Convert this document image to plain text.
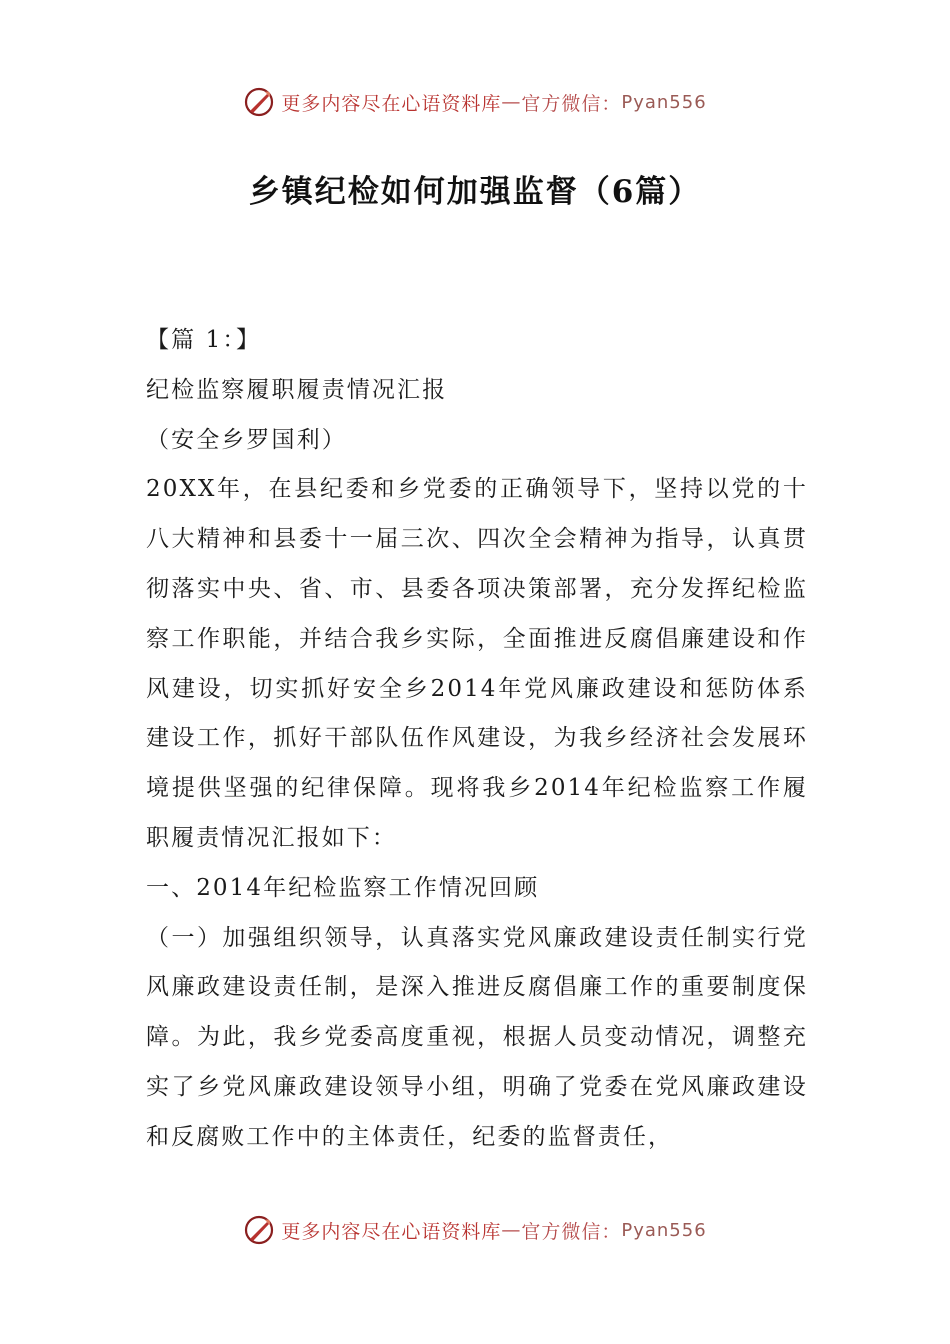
更多内容尽在心语资料库 — 官方微信： Pyan556
乡镇纪检如何加强监督（6篇）

【篇 1：】

纪检监察履职履责情况汇报

（安全乡罗国利）

20XX年，在县纪委和乡党委的正确领导下，坚持以党的十八大精神和县委十一届三次、四次全会精神为指导，认真贯彻落实中央、省、市、县委各项决策部署，充分发挥纪检监察工作职能，并结合我乡实际，全面推进反腐倡廉建设和作风建设，切实抓好安全乡2014年党风廉政建设和惩防体系建设工作，抓好干部队伍作风建设，为我乡经济社会发展环境提供坚强的纪律保障。现将我乡2014年纪检监察工作履职履责情况汇报如下：

一、2014年纪检监察工作情况回顾

（一）加强组织领导，认真落实党风廉政建设责任制实行党风廉政建设责任制，是深入推进反腐倡廉工作的重要制度保障。为此，我乡党委高度重视，根据人员变动情况，调整充实了乡党风廉政建设领导小组，明确了党委在党风廉政建设和反腐败工作中的主体责任，纪委的监督责任，

更多内容尽在心语资料库 — 官方微信： Pyan556
